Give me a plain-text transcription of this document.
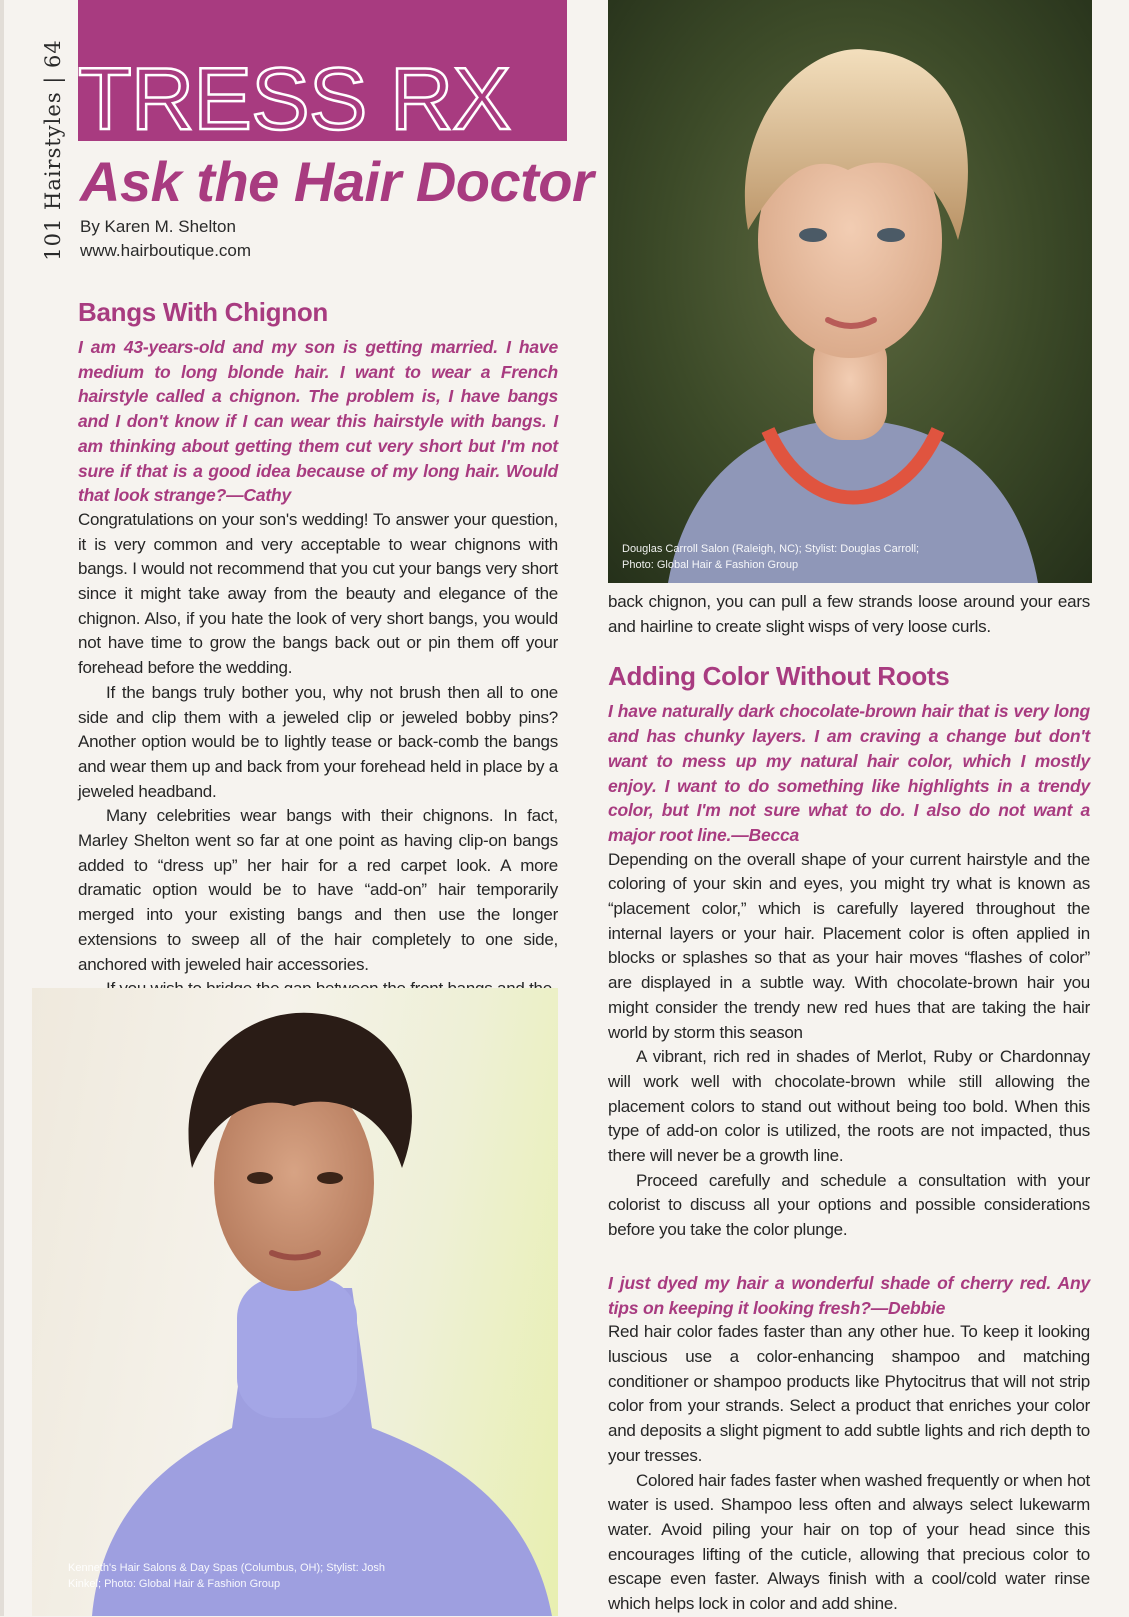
101 Hairstyles | 64 TRESS RX
Ask the Hair Doctor
By Karen M. Shelton
www.hairboutique.com
Bangs With Chignon

I am 43-years-old and my son is getting married. I have medium to long blonde hair. I want to wear a French hairstyle called a chignon. The problem is, I have bangs and I don't know if I can wear this hairstyle with bangs. I am thinking about getting them cut very short but I'm not sure if that is a good idea because of my long hair. Would that look strange?—Cathy

Congratulations on your son's wedding! To answer your question, it is very common and very acceptable to wear chignons with bangs. I would not recommend that you cut your bangs very short since it might take away from the beauty and elegance of the chignon. Also, if you hate the look of very short bangs, you would not have time to grow the bangs back out or pin them off your forehead before the wedding.

If the bangs truly bother you, why not brush then all to one side and clip them with a jeweled clip or jeweled bobby pins? Another option would be to lightly tease or back-comb the bangs and wear them up and back from your forehead held in place by a jeweled headband.

Many celebrities wear bangs with their chignons. In fact, Marley Shelton went so far at one point as having clip-on bangs added to “dress up” her hair for a red carpet look. A more dramatic option would be to have “add-on” hair temporarily merged into your existing bangs and then use the longer extensions to sweep all of the hair completely to one side, anchored with jeweled hair accessories.

Douglas Carroll Salon (Raleigh, NC); Stylist: Douglas Carroll; Photo: Global Hair & Fashion Group

back chignon, you can pull a few strands loose around your ears and hairline to create slight wisps of very loose curls.

Adding Color Without Roots

I have naturally dark chocolate-brown hair that is very long and has chunky layers. I am craving a change but don't want to mess up my natural hair color, which I mostly enjoy. I want to do something like highlights in a trendy color, but I'm not sure what to do. I also do not want a major root line.—Becca

Depending on the overall shape of your current hairstyle and the coloring of your skin and eyes, you might try what is known as “placement color,” which is carefully layered throughout the internal layers or your hair. Placement color is often applied in blocks or splashes so that as your hair moves “flashes of color” are displayed in a subtle way. With chocolate-brown hair you might consider the trendy new red hues that are taking the hair world by storm this season

A vibrant, rich red in shades of Merlot, Ruby or Chardonnay will work well with chocolate-brown while still allowing the placement colors to stand out without being too bold. When this type of add-on color is utilized, the roots are not impacted, thus there will never be a growth line.

Proceed carefully and schedule a consultation with your colorist to discuss all your options and possible considerations before you take the color plunge.

I just dyed my hair a wonderful shade of cherry red. Any tips on keeping it looking fresh?—Debbie

Red hair color fades faster than any other hue. To keep it looking luscious use a color-enhancing shampoo and matching conditioner or shampoo products like Phytocitrus that will not strip color from your strands. Select a product that enriches your color and deposits a slight pigment to add subtle lights and rich depth to your tresses.

Colored hair fades faster when washed frequently or when hot water is used. Shampoo less often and always select lukewarm water. Avoid piling your hair on top of your head since this encourages lifting of the cuticle, allowing that precious color to escape even faster. Always finish with a cool/cold water rinse which helps lock in color and add shine.

Kenneth's Hair Salons & Day Spas (Columbus, OH); Stylist: Josh Kinkel; Photo: Global Hair & Fashion Group
